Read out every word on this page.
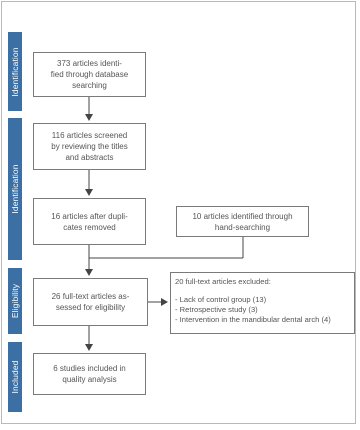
Identification
Identification
Eligibility
Included
373 articles identi-
fied through database
searching
116 articles screened
by reviewing the titles
and abstracts
16 articles after dupli-
cates removed
10 articles identified through
hand-searching
26 full-text articles as-
sessed for eligibility
20 full-text articles excluded:
- Lack of control group (13)
- Retrospective study (3)
- Intervention in the mandibular dental arch (4)
6 studies included in
quality analysis
